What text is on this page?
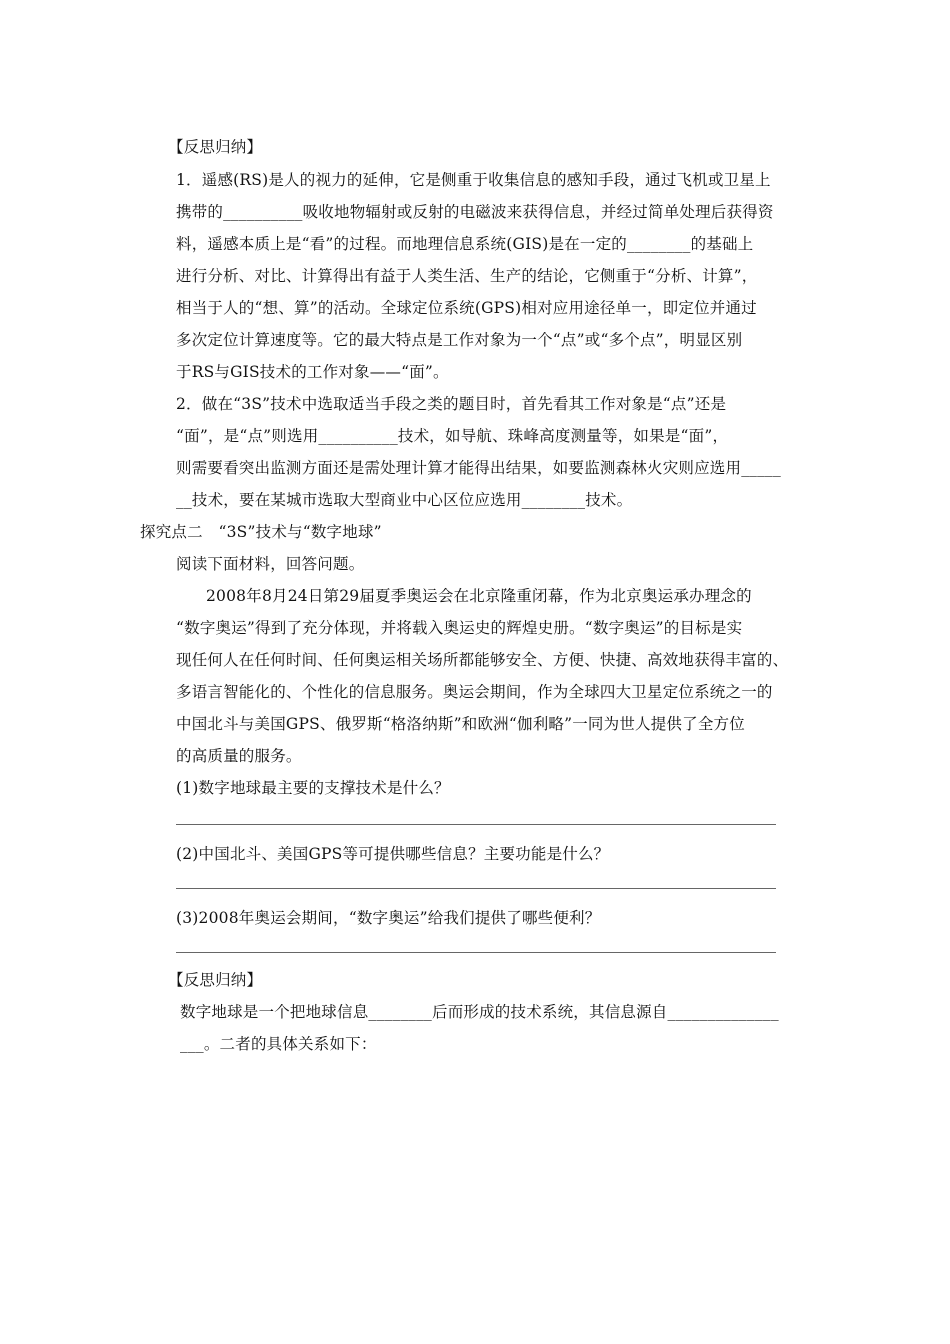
【反思归纳】
1．遥感(RS)是人的视力的延伸，它是侧重于收集信息的感知手段，通过飞机或卫星上
携带的__________吸收地物辐射或反射的电磁波来获得信息，并经过简单处理后获得资
料，遥感本质上是“看”的过程。而地理信息系统(GIS)是在一定的________的基础上
进行分析、对比、计算得出有益于人类生活、生产的结论，它侧重于“分析、计算”，
相当于人的“想、算”的活动。全球定位系统(GPS)相对应用途径单一，即定位并通过
多次定位计算速度等。它的最大特点是工作对象为一个“点”或“多个点”，明显区别
于RS与GIS技术的工作对象——“面”。
2．做在“3S”技术中选取适当手段之类的题目时，首先看其工作对象是“点”还是
“面”，是“点”则选用__________技术，如导航、珠峰高度测量等，如果是“面”，
则需要看突出监测方面还是需处理计算才能得出结果，如要监测森林火灾则应选用_____
__技术，要在某城市选取大型商业中心区位应选用________技术。
探究点二　“3S”技术与“数字地球”
阅读下面材料，回答问题。
2008年8月24日第29届夏季奥运会在北京隆重闭幕，作为北京奥运承办理念的
“数字奥运”得到了充分体现，并将载入奥运史的辉煌史册。“数字奥运”的目标是实
现任何人在任何时间、任何奥运相关场所都能够安全、方便、快捷、高效地获得丰富的、
多语言智能化的、个性化的信息服务。奥运会期间，作为全球四大卫星定位系统之一的
中国北斗与美国GPS、俄罗斯“格洛纳斯”和欧洲“伽利略”一同为世人提供了全方位
的高质量的服务。
(1)数字地球最主要的支撑技术是什么？
(2)中国北斗、美国GPS等可提供哪些信息？主要功能是什么？
(3)2008年奥运会期间，“数字奥运”给我们提供了哪些便利？
【反思归纳】
数字地球是一个把地球信息________后而形成的技术系统，其信息源自______________
___。二者的具体关系如下：
